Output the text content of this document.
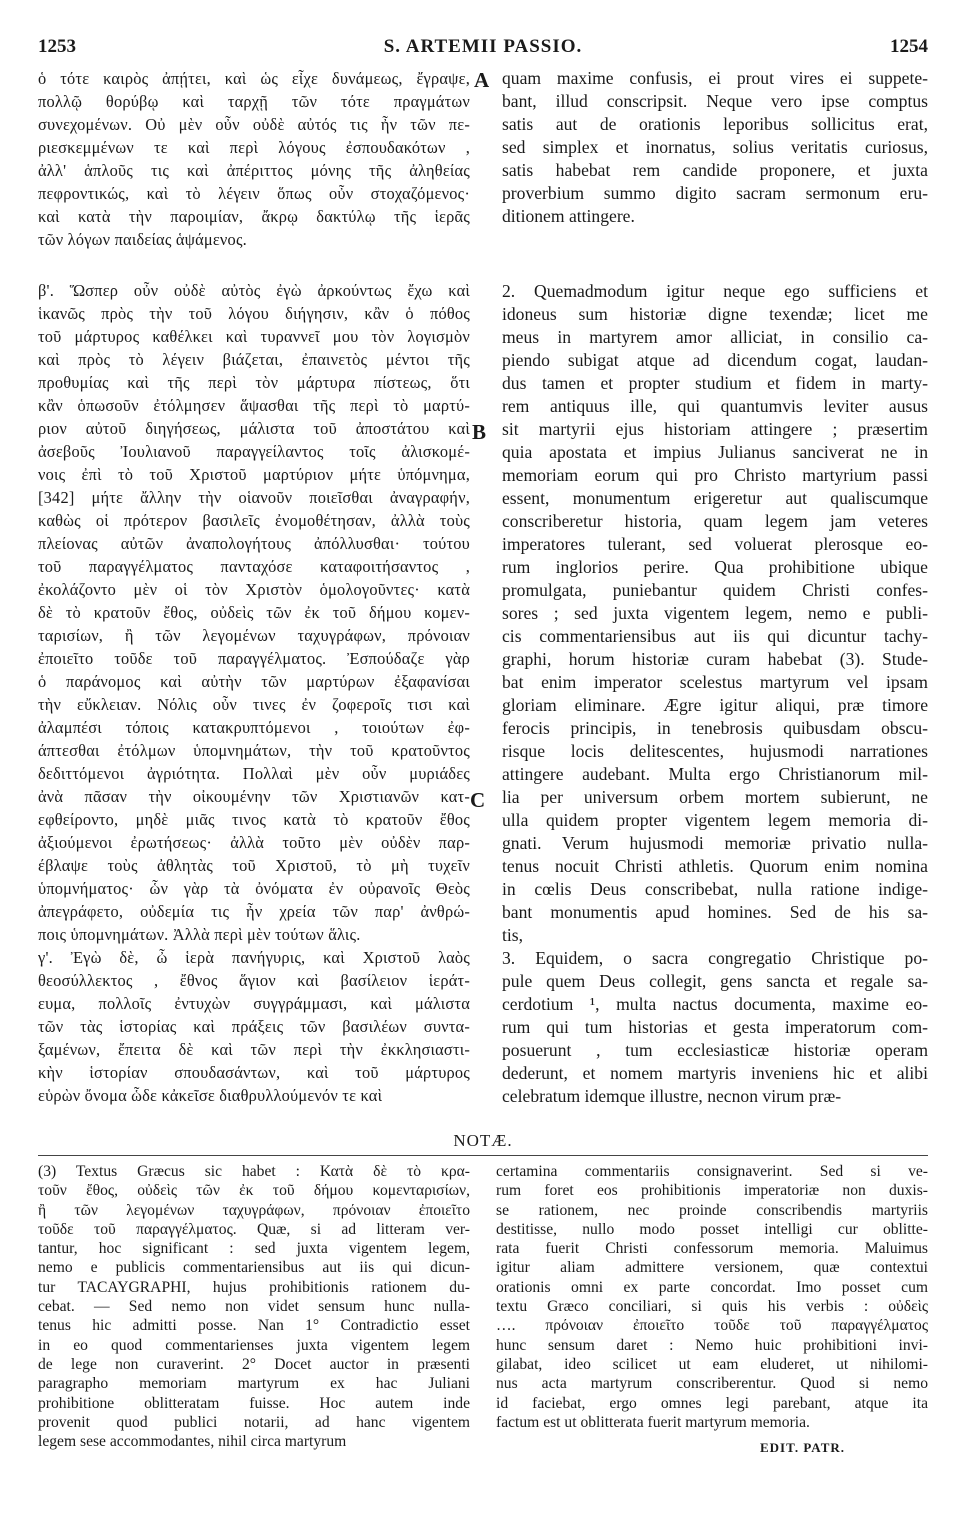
1253	S. ARTEMII PASSIO.	1254
ὁ τότε καιρὸς ἀπῄτει, καὶ ὡς εἶχε δυνάμεως, ἔγραψε,
πολλῷ θορύβῳ καὶ ταρχῇ τῶν τότε πραγμάτων
συνεχομένων. Οὐ μὲν οὖν οὐδὲ αὐτός τις ἦν τῶν πε-
ριεσκεμμένων τε καὶ περὶ λόγους ἐσπουδακότων ,
ἀλλ' ἁπλοῦς τις καὶ ἀπέριττος μόνης τῆς ἀληθείας
πεφροντικώς, καὶ τὸ λέγειν ὅπως οὖν στοχαζόμενος·
καὶ κατὰ τὴν παροιμίαν, ἄκρῳ δακτύλῳ τῆς ἱερᾶς
τῶν λόγων παιδείας ἁψάμενος.
quam maxime confusis, ei prout vires ei suppete-
bant, illud conscripsit. Neque vero ipse comptus
satis aut de orationis leporibus sollicitus erat,
sed simplex et inornatus, solius veritatis curiosus,
satis habebat rem candide proponere, et juxta
proverbium summo digito sacram sermonum eru-
ditionem attingere.
β'. Ὥσπερ οὖν οὐδὲ αὐτὸς ἐγὼ ἀρκούντως ἔχω καὶ
ἱκανῶς πρὸς τὴν τοῦ λόγου διήγησιν, κἂν ὁ πόθος
τοῦ μάρτυρος καθέλκει καὶ τυραννεῖ μου τὸν λογισμὸν
καὶ πρὸς τὸ λέγειν βιάζεται, ἐπαινετὸς μέντοι τῆς
προθυμίας καὶ τῆς περὶ τὸν μάρτυρα πίστεως, ὅτι
κἂν ὁπωσοῦν ἐτόλμησεν ἅψασθαι τῆς περὶ τὸ μαρτύ-
ριον αὐτοῦ διηγήσεως, μάλιστα τοῦ ἀποστάτου καὶ
ἀσεβοῦς Ἰουλιανοῦ παραγγείλαντος τοῖς ἀλισκομέ-
νοις ἐπὶ τὸ τοῦ Χριστοῦ μαρτύριον μήτε ὑπόμνημα,
[342] μήτε ἄλλην τὴν οἱανοῦν ποιεῖσθαι ἀναγραφήν,
καθὼς οἱ πρότερον βασιλεῖς ἐνομοθέτησαν, ἀλλὰ τοὺς
πλείονας αὐτῶν ἀναπολογήτους ἀπόλλυσθαι· τούτου
τοῦ παραγγέλματος πανταχόσε καταφοιτήσαντος ,
ἐκολάζοντο μὲν οἱ τὸν Χριστὸν ὁμολογοῦντες· κατὰ
δὲ τὸ κρατοῦν ἔθος, οὐδεὶς τῶν ἐκ τοῦ δήμου κομεν-
ταρισίων, ἢ τῶν λεγομένων ταχυγράφων, πρόνοιαν
ἐποιεῖτο τοῦδε τοῦ παραγγέλματος. Ἐσπούδαζε γὰρ
ὁ παράνομος καὶ αὐτὴν τῶν μαρτύρων ἐξαφανίσαι
τὴν εὔκλειαν. Νόλις οὖν τινες ἐν ζοφεροῖς τισι καὶ
ἀλαμπέσι τόποις κατακρυπτόμενοι , τοιούτων ἐφ-
άπτεσθαι ἐτόλμων ὑπομνημάτων, τὴν τοῦ κρατοῦντος
δεδιττόμενοι ἀγριότητα. Πολλαὶ μὲν οὖν μυριάδες
ἀνὰ πᾶσαν τὴν οἰκουμένην τῶν Χριστιανῶν κατ-
εφθείροντο, μηδὲ μιᾶς τινος κατὰ τὸ κρατοῦν ἔθος
ἀξιούμενοι ἐρωτήσεως· ἀλλὰ τοῦτο μὲν οὐδὲν παρ-
έβλαψε τοὺς ἀθλητὰς τοῦ Χριστοῦ, τὸ μὴ τυχεῖν
ὑπομνήματος· ὧν γὰρ τὰ ὀνόματα ἐν οὐρανοῖς Θεὸς
ἀπεγράφετο, οὐδεμία τις ἦν χρεία τῶν παρ' ἀνθρώ-
ποις ὑπομνημάτων. Ἀλλὰ περὶ μὲν τούτων ἅλις.
γ'. Ἐγὼ δὲ, ὦ ἱερὰ πανήγυρις, καὶ Χριστοῦ λαὸς
θεοσύλλεκτος , ἔθνος ἅγιον καὶ βασίλειον ἱεράτ-
ευμα, πολλοῖς ἐντυχὼν συγγράμμασι, καὶ μάλιστα
τῶν τὰς ἱστορίας καὶ πράξεις τῶν βασιλέων συντα-
ξαμένων, ἔπειτα δὲ καὶ τῶν περὶ τὴν ἐκκλησιαστι-
κὴν ἱστορίαν σπουδασάντων, καὶ τοῦ μάρτυρος
εὑρὼν ὄνομα ὧδε κἀκεῖσε διαθρυλλούμενόν τε καὶ
2. Quemadmodum igitur neque ego sufficiens et
idoneus sum historiæ digne texendæ; licet me
meus in martyrem amor alliciat, in consilio ca-
piendo subigat atque ad dicendum cogat, laudan-
dus tamen et propter studium et fidem in marty-
rem antiquus ille, qui quantumvis leviter ausus
sit martyrii ejus historiam attingere ; præsertim
quia apostata et impius Julianus sanciverat ne in
memoriam eorum qui pro Christo martyrium passi
essent, monumentum erigeretur aut qualiscumque
conscriberetur historia, quam legem jam veteres
imperatores tulerant, sed voluerat plerosque eo-
rum inglorios perire. Qua prohibitione ubique
promulgata, puniebantur quidem Christi confes-
sores ; sed juxta vigentem legem, nemo e publi-
cis commentariensibus aut iis qui dicuntur tachy-
graphi, horum historiæ curam habebat (3). Stude-
bat enim imperator scelestus martyrum vel ipsam
gloriam eliminare. Ægre igitur aliqui, præ timore
ferocis principis, in tenebrosis quibusdam obscu-
risque locis delitescentes, hujusmodi narrationes
attingere audebant. Multa ergo Christianorum mil-
lia per universum orbem mortem subierunt, ne
ulla quidem propter vigentem legem memoria di-
gnati. Verum hujusmodi memoriæ privatio nulla-
tenus nocuit Christi athletis. Quorum enim nomina
in cœlis Deus conscribebat, nulla ratione indige-
bant monumentis apud homines. Sed de his sa-
tis,
3. Equidem, o sacra congregatio Christique po-
pule quem Deus collegit, gens sancta et regale sa-
cerdotium ¹, multa nactus documenta, maxime eo-
rum qui tum historias et gesta imperatorum com-
posuerunt , tum ecclesiasticæ historiæ operam
dederunt, et nomem martyris inveniens hic et alibi
celebratum idemque illustre, necnon virum præ-
A
B
C
NOTÆ.
(3) Textus Græcus sic habet : Κατὰ δὲ τὸ κρα-
τοῦν ἔθος, οὐδεὶς τῶν ἐκ τοῦ δήμου κομενταρισίων,
ἢ τῶν λεγομένων ταχυγράφων, πρόνοιαν ἐποιεῖτο
τοῦδε τοῦ παραγγέλματος. Quæ, si ad litteram ver-
tantur, hoc significant : sed juxta vigentem legem,
nemo e publicis commentariensibus aut iis qui dicun-
tur TACAYGRAPHI, hujus prohibitionis rationem du-
cebat. — Sed nemo non videt sensum hunc nulla-
tenus hic admitti posse. Nan 1° Contradictio esset
in eo quod commentarienses juxta vigentem legem
de lege non curaverint. 2° Docet auctor in præsenti
paragrapho memoriam martyrum ex hac Juliani
prohibitione oblitteratam fuisse. Hoc autem inde
provenit quod publici notarii, ad hanc vigentem
legem sese accommodantes, nihil circa martyrum
certamina commentariis consignaverint. Sed si ve-
rum foret eos prohibitionis imperatoriæ non duxis-
se rationem, nec proinde conscribendis martyriis
destitisse, nullo modo posset intelligi cur oblitte-
rata fuerit Christi confessorum memoria. Maluimus
igitur aliam admittere versionem, quæ contextui
orationis omni ex parte concordat. Imo posset cum
textu Græco conciliari, si quis his verbis : οὐδεὶς
…. πρόνοιαν ἐποιεῖτο τοῦδε τοῦ παραγγέλματος
hunc sensum daret : Nemo huic prohibitioni invi-
gilabat, ideo scilicet ut eam eluderet, ut nihilomi-
nus acta martyrum conscriberentur. Quod si nemo
id faciebat, ergo omnes legi parebant, atque ita
factum est ut oblitterata fuerit martyrum memoria.
EDIT. PATR.
